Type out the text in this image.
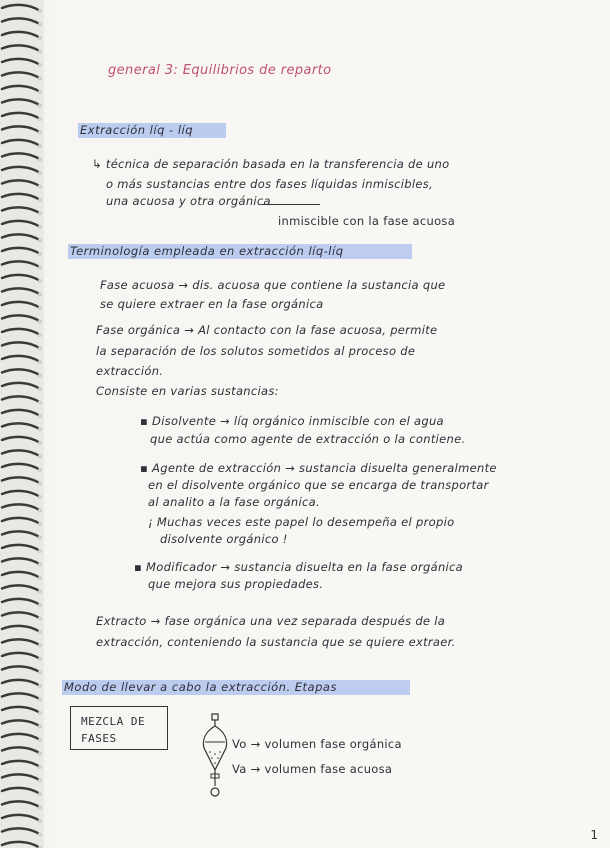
general 3: Equilibrios de reparto
Extracción líq - líq
↳ técnica de separación basada en la transferencia de uno
o más sustancias entre dos fases líquidas inmiscibles,
una acuosa y otra orgánica
inmiscible con la fase acuosa
Terminología empleada en extracción líq-líq
Fase acuosa → dis. acuosa que contiene la sustancia que
se quiere extraer en la fase orgánica
Fase orgánica → Al contacto con la fase acuosa, permite
la separación de los solutos sometidos al proceso de
extracción.
Consiste en varias sustancias:
▪ Disolvente → líq orgánico inmiscible con el agua
que actúa como agente de extracción o la contiene.
▪ Agente de extracción → sustancia disuelta generalmente
en el disolvente orgánico que se encarga de transportar
al analito a la fase orgánica.
¡ Muchas veces este papel lo desempeña el propio
disolvente orgánico !
▪ Modificador → sustancia disuelta en la fase orgánica
que mejora sus propiedades.
Extracto → fase orgánica una vez separada después de la
extracción, conteniendo la sustancia que se quiere extraer.
Modo de llevar a cabo la extracción. Etapas
MEZCLA DE
FASES	Vo → volumen fase orgánica
Va → volumen fase acuosa
1
